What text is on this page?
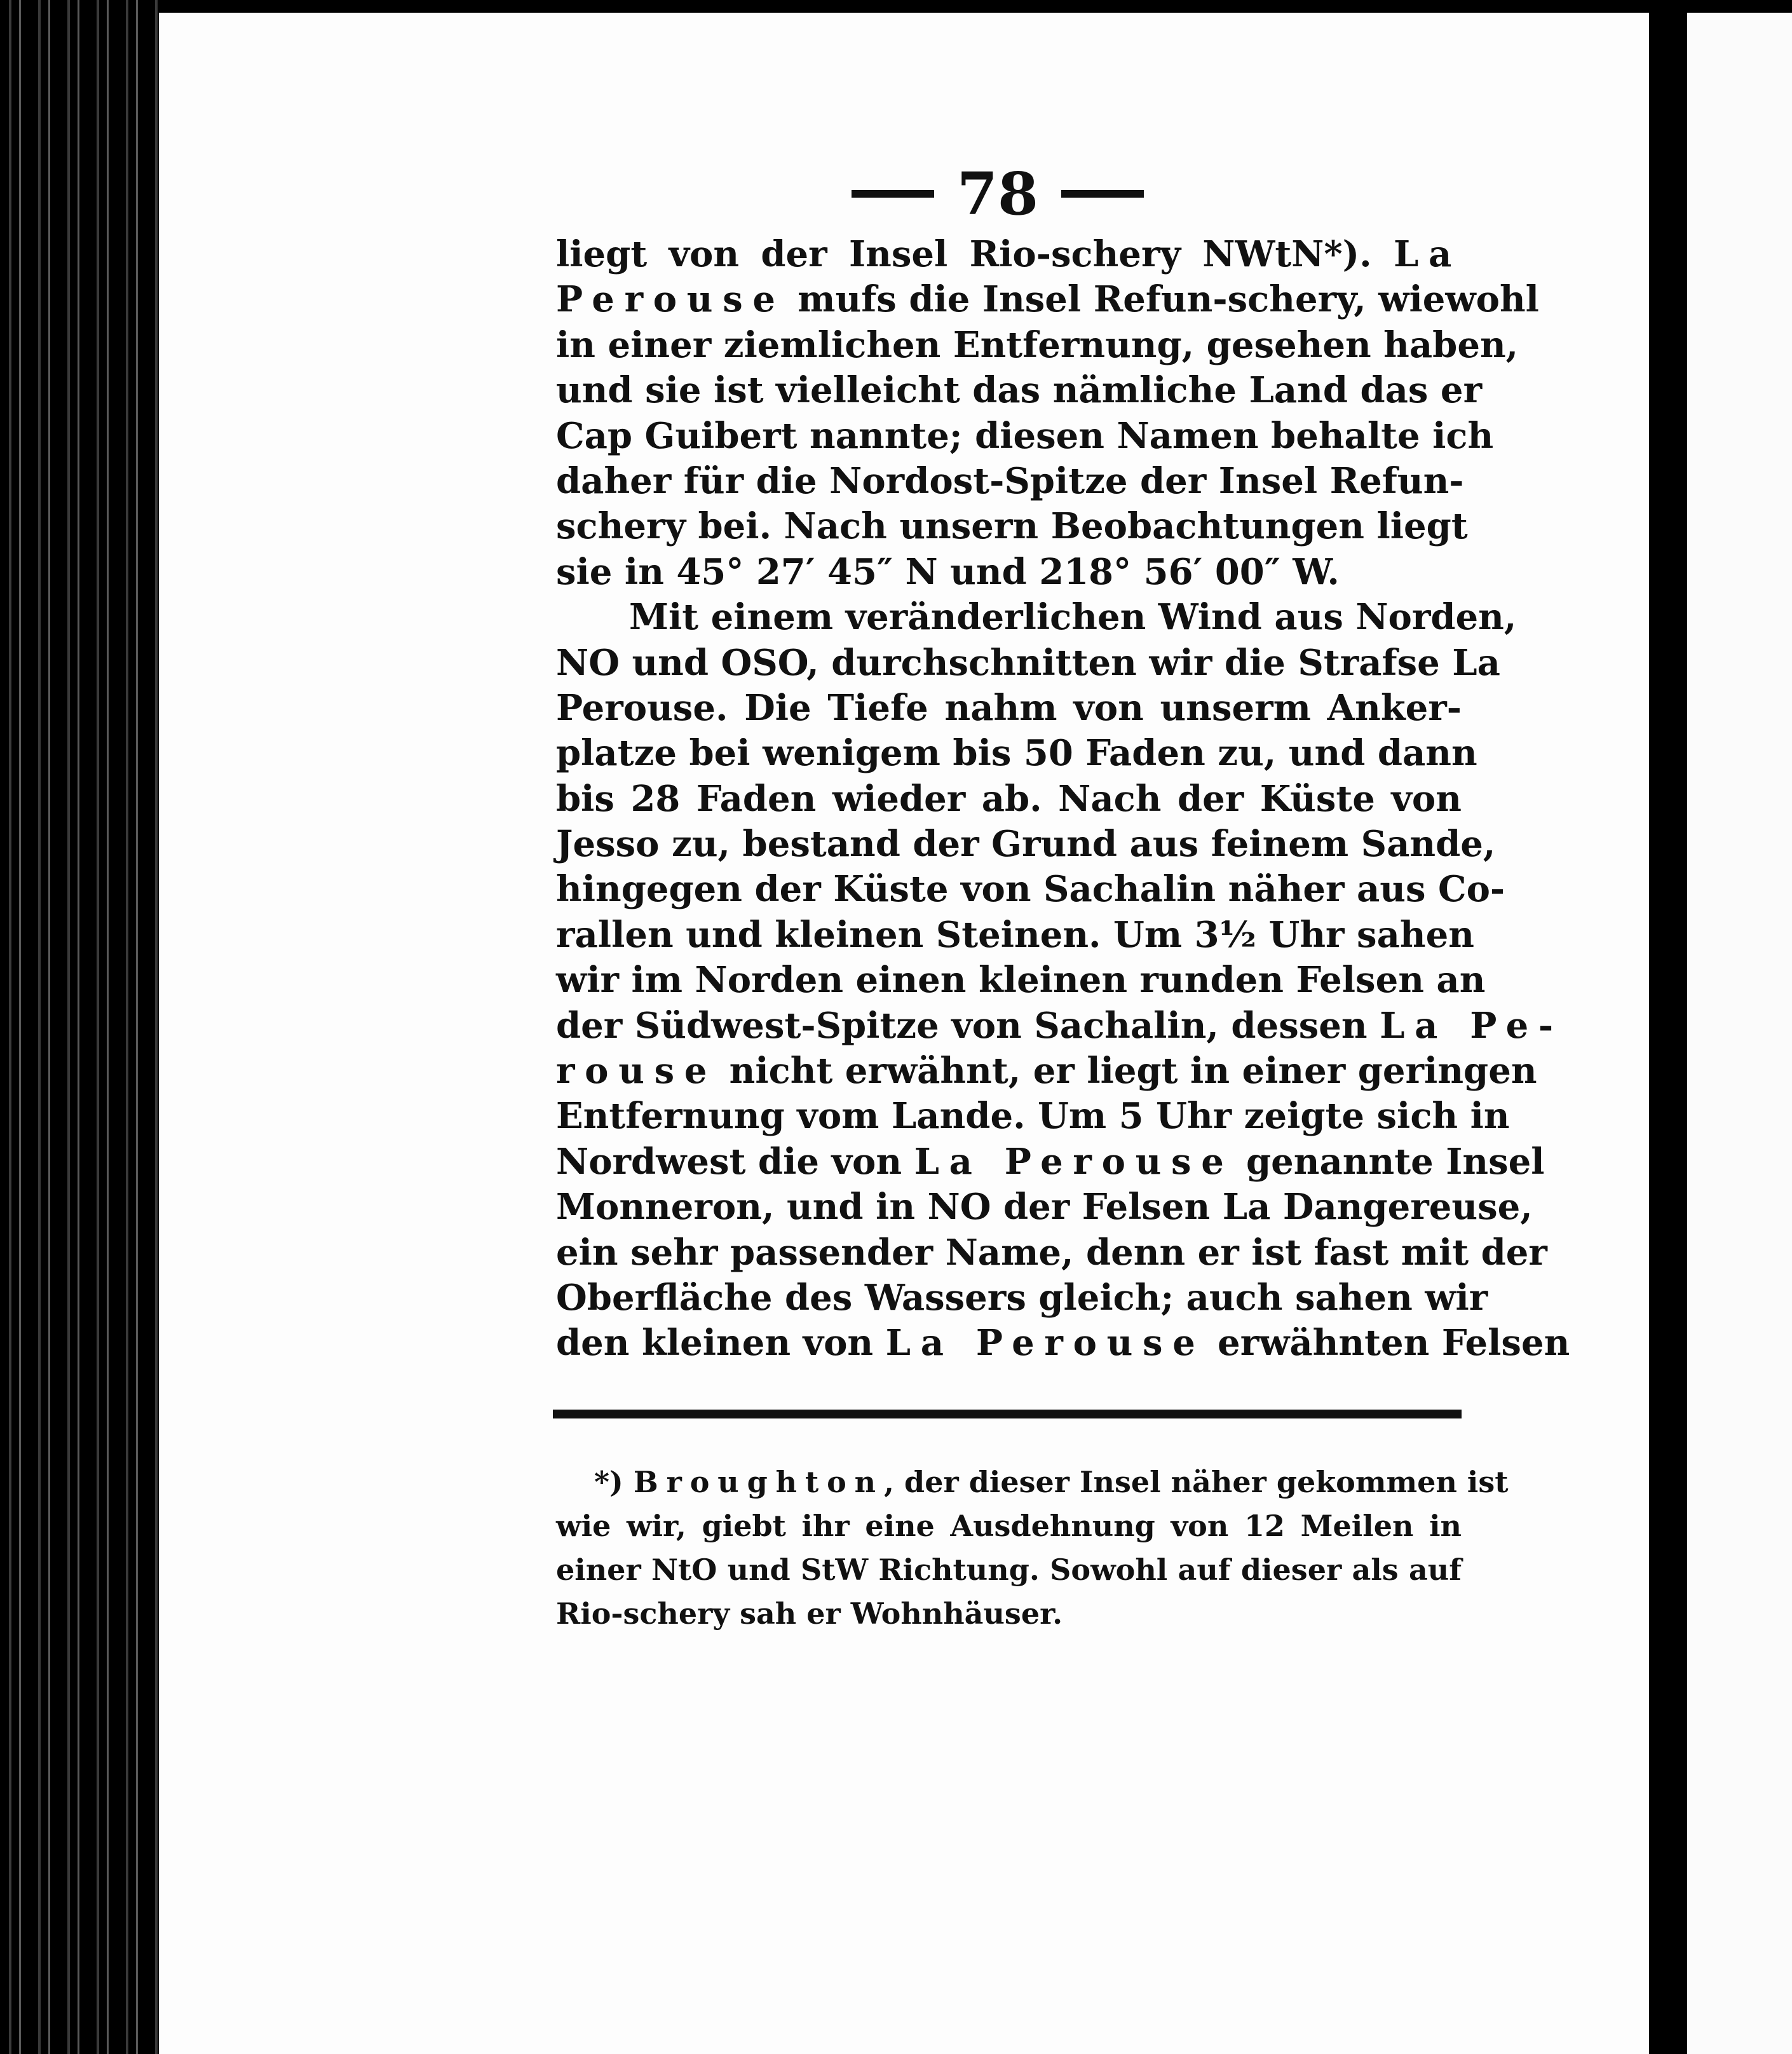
78
liegt von der Insel Rio-schery NWtN*). La
Perouse mufs die Insel Refun-schery, wiewohl
in einer ziemlichen Entfernung, gesehen haben,
und sie ist vielleicht das nämliche Land das er
Cap Guibert nannte; diesen Namen behalte ich
daher für die Nordost-Spitze der Insel Refun-
schery bei. Nach unsern Beobachtungen liegt
sie in 45° 27′ 45″ N und 218° 56′ 00″ W.
Mit einem veränderlichen Wind aus Norden,
NO und OSO, durchschnitten wir die Strafse La
Perouse. Die Tiefe nahm von unserm Anker-
platze bei wenigem bis 50 Faden zu, und dann
bis 28 Faden wieder ab. Nach der Küste von
Jesso zu, bestand der Grund aus feinem Sande,
hingegen der Küste von Sachalin näher aus Co-
rallen und kleinen Steinen. Um 3½ Uhr sahen
wir im Norden einen kleinen runden Felsen an
der Südwest-Spitze von Sachalin, dessen La Pe-
rouse nicht erwähnt, er liegt in einer geringen
Entfernung vom Lande. Um 5 Uhr zeigte sich in
Nordwest die von La Perouse genannte Insel
Monneron, und in NO der Felsen La Dangereuse,
ein sehr passender Name, denn er ist fast mit der
Oberfläche des Wassers gleich; auch sahen wir
den kleinen von La Perouse erwähnten Felsen
*) Broughton, der dieser Insel näher gekommen ist
wie wir, giebt ihr eine Ausdehnung von 12 Meilen in
einer NtO und StW Richtung. Sowohl auf dieser als auf
Rio-schery sah er Wohnhäuser.
